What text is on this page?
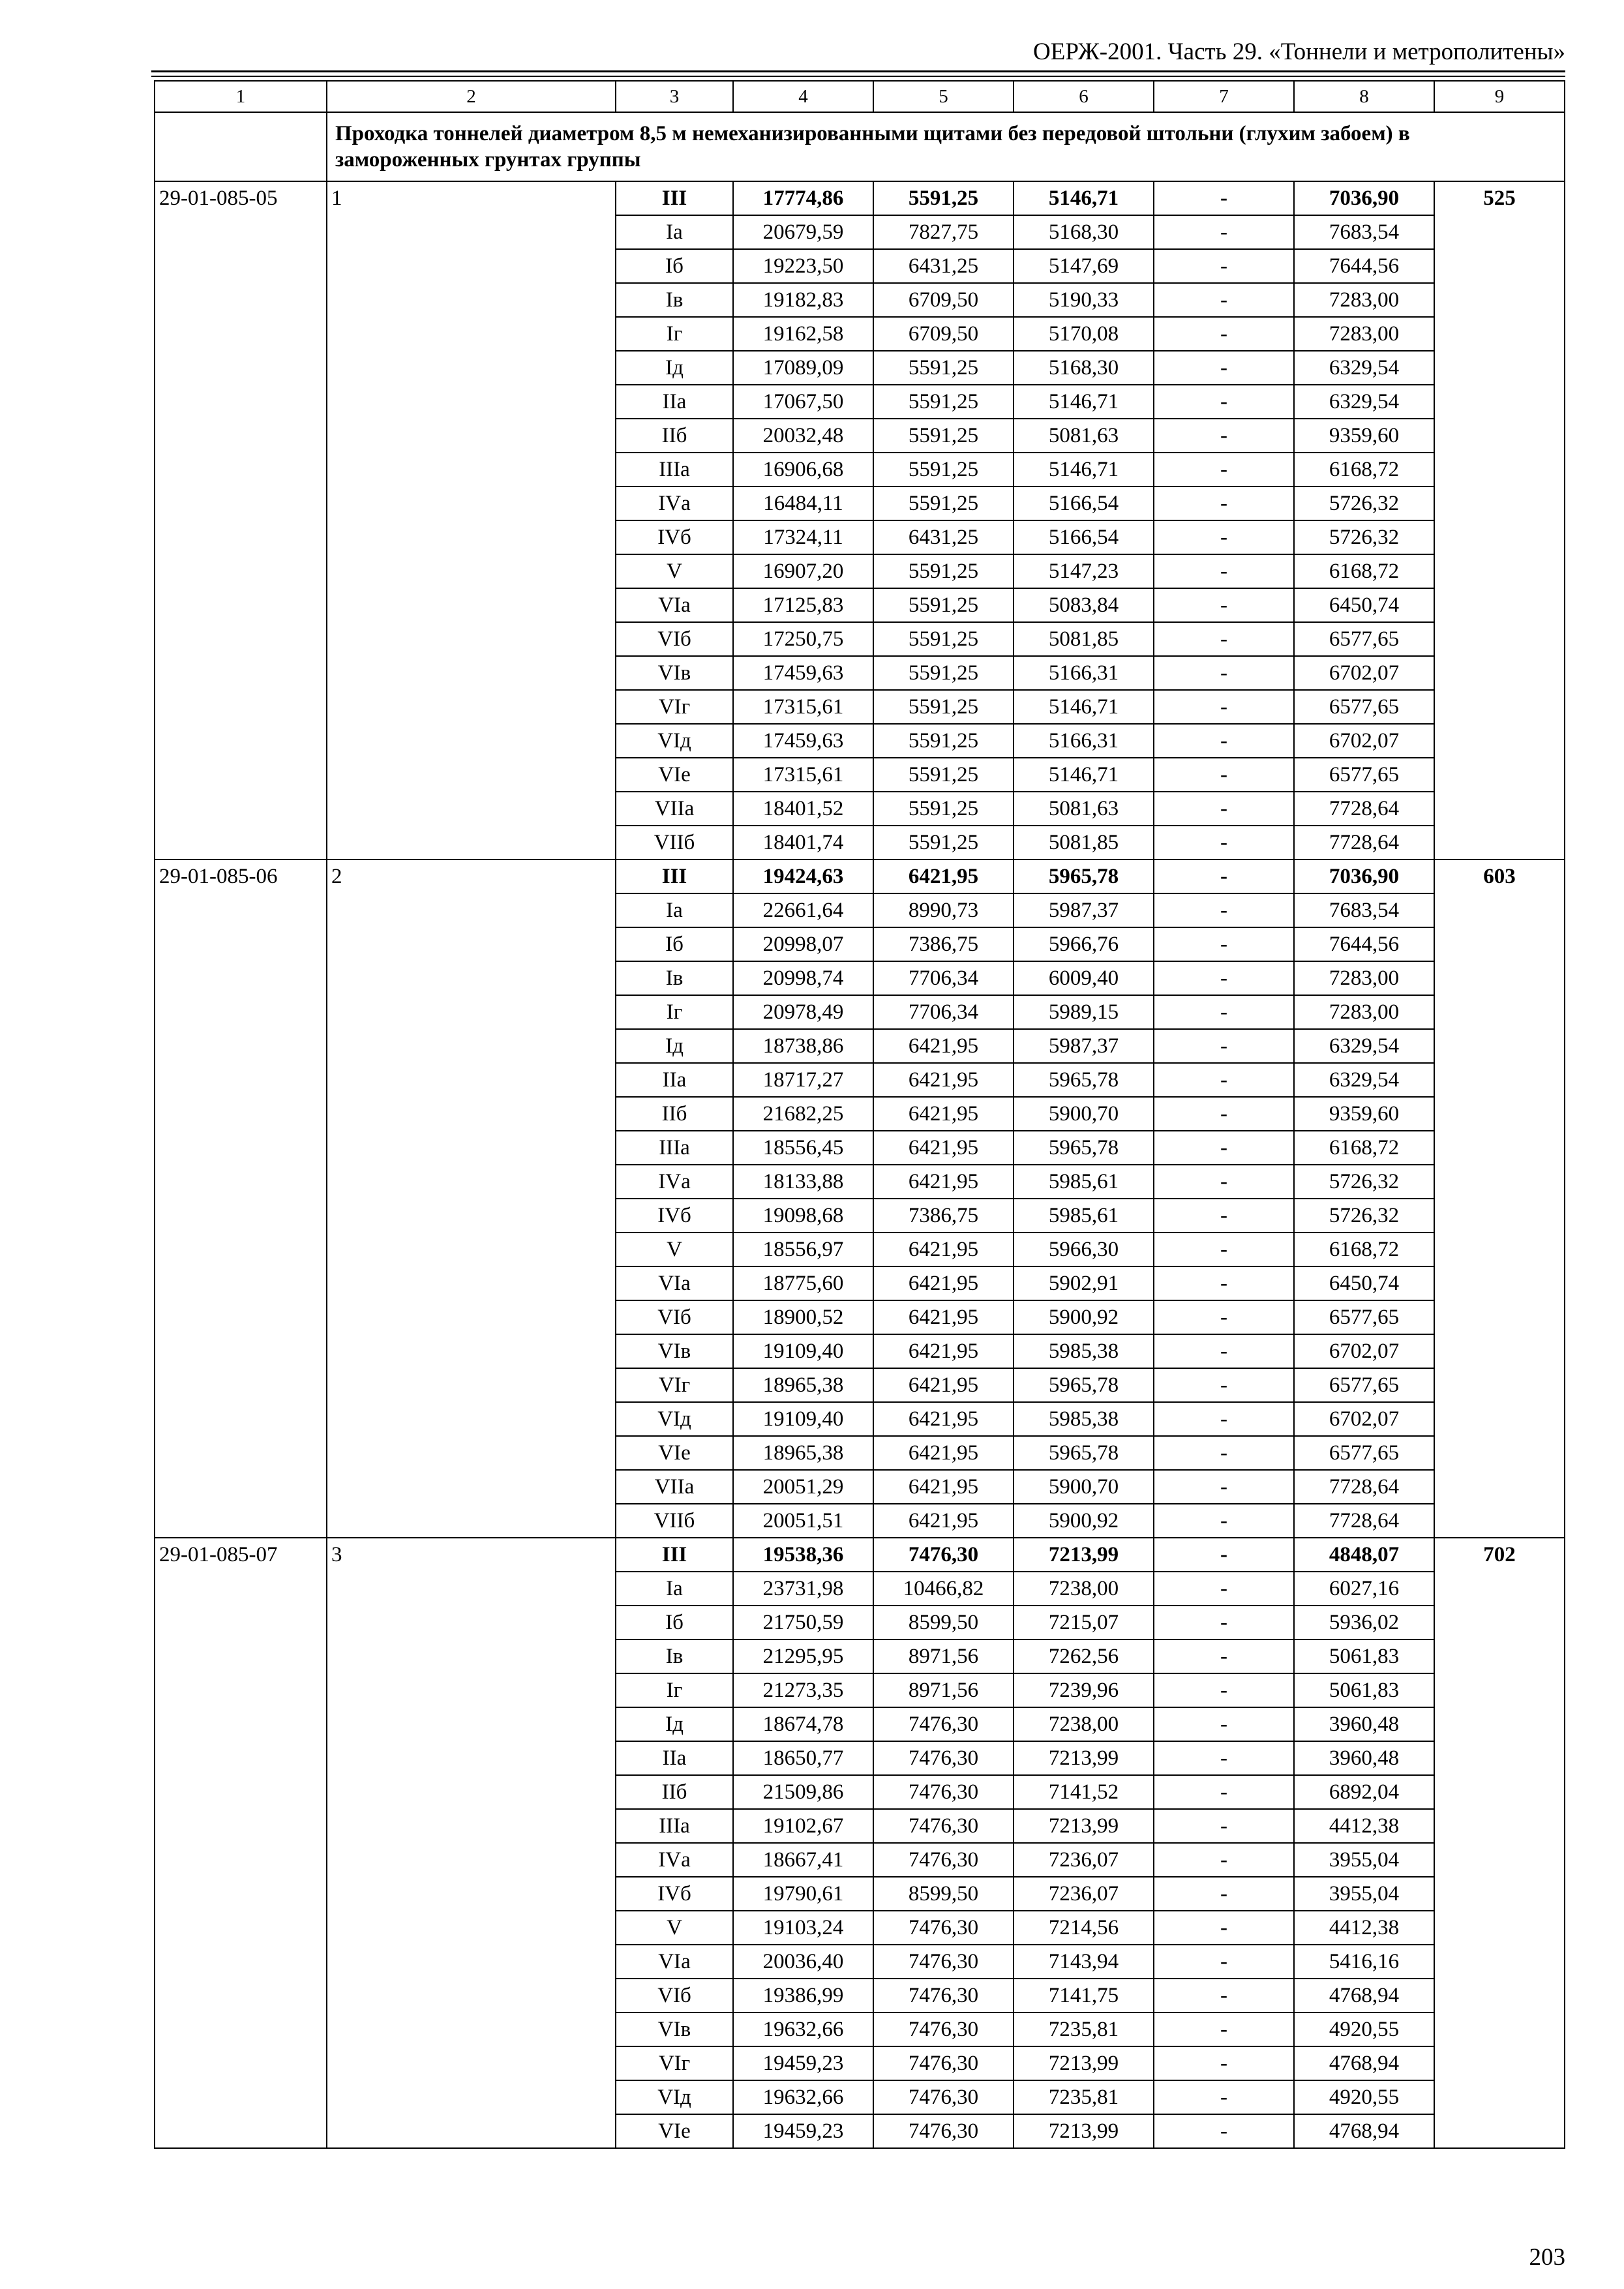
ОЕРЖ-2001. Часть 29. «Тоннели и метрополитены»
1	2	3	4	5	6	7	8	9
	Проходка тоннелей диаметром 8,5 м немеханизированными щитами без передовой штольни (глухим забоем) в замороженных грунтах группы							
29-01-085-05	1	III	17774,86	5591,25	5146,71	-	7036,90	525
		Iа	20679,59	7827,75	5168,30	-	7683,54	
		Iб	19223,50	6431,25	5147,69	-	7644,56	
		Iв	19182,83	6709,50	5190,33	-	7283,00	
		Iг	19162,58	6709,50	5170,08	-	7283,00	
		Iд	17089,09	5591,25	5168,30	-	6329,54	
		IIа	17067,50	5591,25	5146,71	-	6329,54	
		IIб	20032,48	5591,25	5081,63	-	9359,60	
		IIIа	16906,68	5591,25	5146,71	-	6168,72	
		IVа	16484,11	5591,25	5166,54	-	5726,32	
		IVб	17324,11	6431,25	5166,54	-	5726,32	
		V	16907,20	5591,25	5147,23	-	6168,72	
		VIа	17125,83	5591,25	5083,84	-	6450,74	
		VIб	17250,75	5591,25	5081,85	-	6577,65	
		VIв	17459,63	5591,25	5166,31	-	6702,07	
		VIг	17315,61	5591,25	5146,71	-	6577,65	
		VIд	17459,63	5591,25	5166,31	-	6702,07	
		VIе	17315,61	5591,25	5146,71	-	6577,65	
		VIIа	18401,52	5591,25	5081,63	-	7728,64	
		VIIб	18401,74	5591,25	5081,85	-	7728,64	
29-01-085-06	2	III	19424,63	6421,95	5965,78	-	7036,90	603
		Iа	22661,64	8990,73	5987,37	-	7683,54	
		Iб	20998,07	7386,75	5966,76	-	7644,56	
		Iв	20998,74	7706,34	6009,40	-	7283,00	
		Iг	20978,49	7706,34	5989,15	-	7283,00	
		Iд	18738,86	6421,95	5987,37	-	6329,54	
		IIа	18717,27	6421,95	5965,78	-	6329,54	
		IIб	21682,25	6421,95	5900,70	-	9359,60	
		IIIа	18556,45	6421,95	5965,78	-	6168,72	
		IVа	18133,88	6421,95	5985,61	-	5726,32	
		IVб	19098,68	7386,75	5985,61	-	5726,32	
		V	18556,97	6421,95	5966,30	-	6168,72	
		VIа	18775,60	6421,95	5902,91	-	6450,74	
		VIб	18900,52	6421,95	5900,92	-	6577,65	
		VIв	19109,40	6421,95	5985,38	-	6702,07	
		VIг	18965,38	6421,95	5965,78	-	6577,65	
		VIд	19109,40	6421,95	5985,38	-	6702,07	
		VIе	18965,38	6421,95	5965,78	-	6577,65	
		VIIа	20051,29	6421,95	5900,70	-	7728,64	
		VIIб	20051,51	6421,95	5900,92	-	7728,64	
29-01-085-07	3	III	19538,36	7476,30	7213,99	-	4848,07	702
		Iа	23731,98	10466,82	7238,00	-	6027,16	
		Iб	21750,59	8599,50	7215,07	-	5936,02	
		Iв	21295,95	8971,56	7262,56	-	5061,83	
		Iг	21273,35	8971,56	7239,96	-	5061,83	
		Iд	18674,78	7476,30	7238,00	-	3960,48	
		IIа	18650,77	7476,30	7213,99	-	3960,48	
		IIб	21509,86	7476,30	7141,52	-	6892,04	
		IIIа	19102,67	7476,30	7213,99	-	4412,38	
		IVа	18667,41	7476,30	7236,07	-	3955,04	
		IVб	19790,61	8599,50	7236,07	-	3955,04	
		V	19103,24	7476,30	7214,56	-	4412,38	
		VIа	20036,40	7476,30	7143,94	-	5416,16	
		VIб	19386,99	7476,30	7141,75	-	4768,94	
		VIв	19632,66	7476,30	7235,81	-	4920,55	
		VIг	19459,23	7476,30	7213,99	-	4768,94	
		VIд	19632,66	7476,30	7235,81	-	4920,55	
		VIе	19459,23	7476,30	7213,99	-	4768,94	
203
